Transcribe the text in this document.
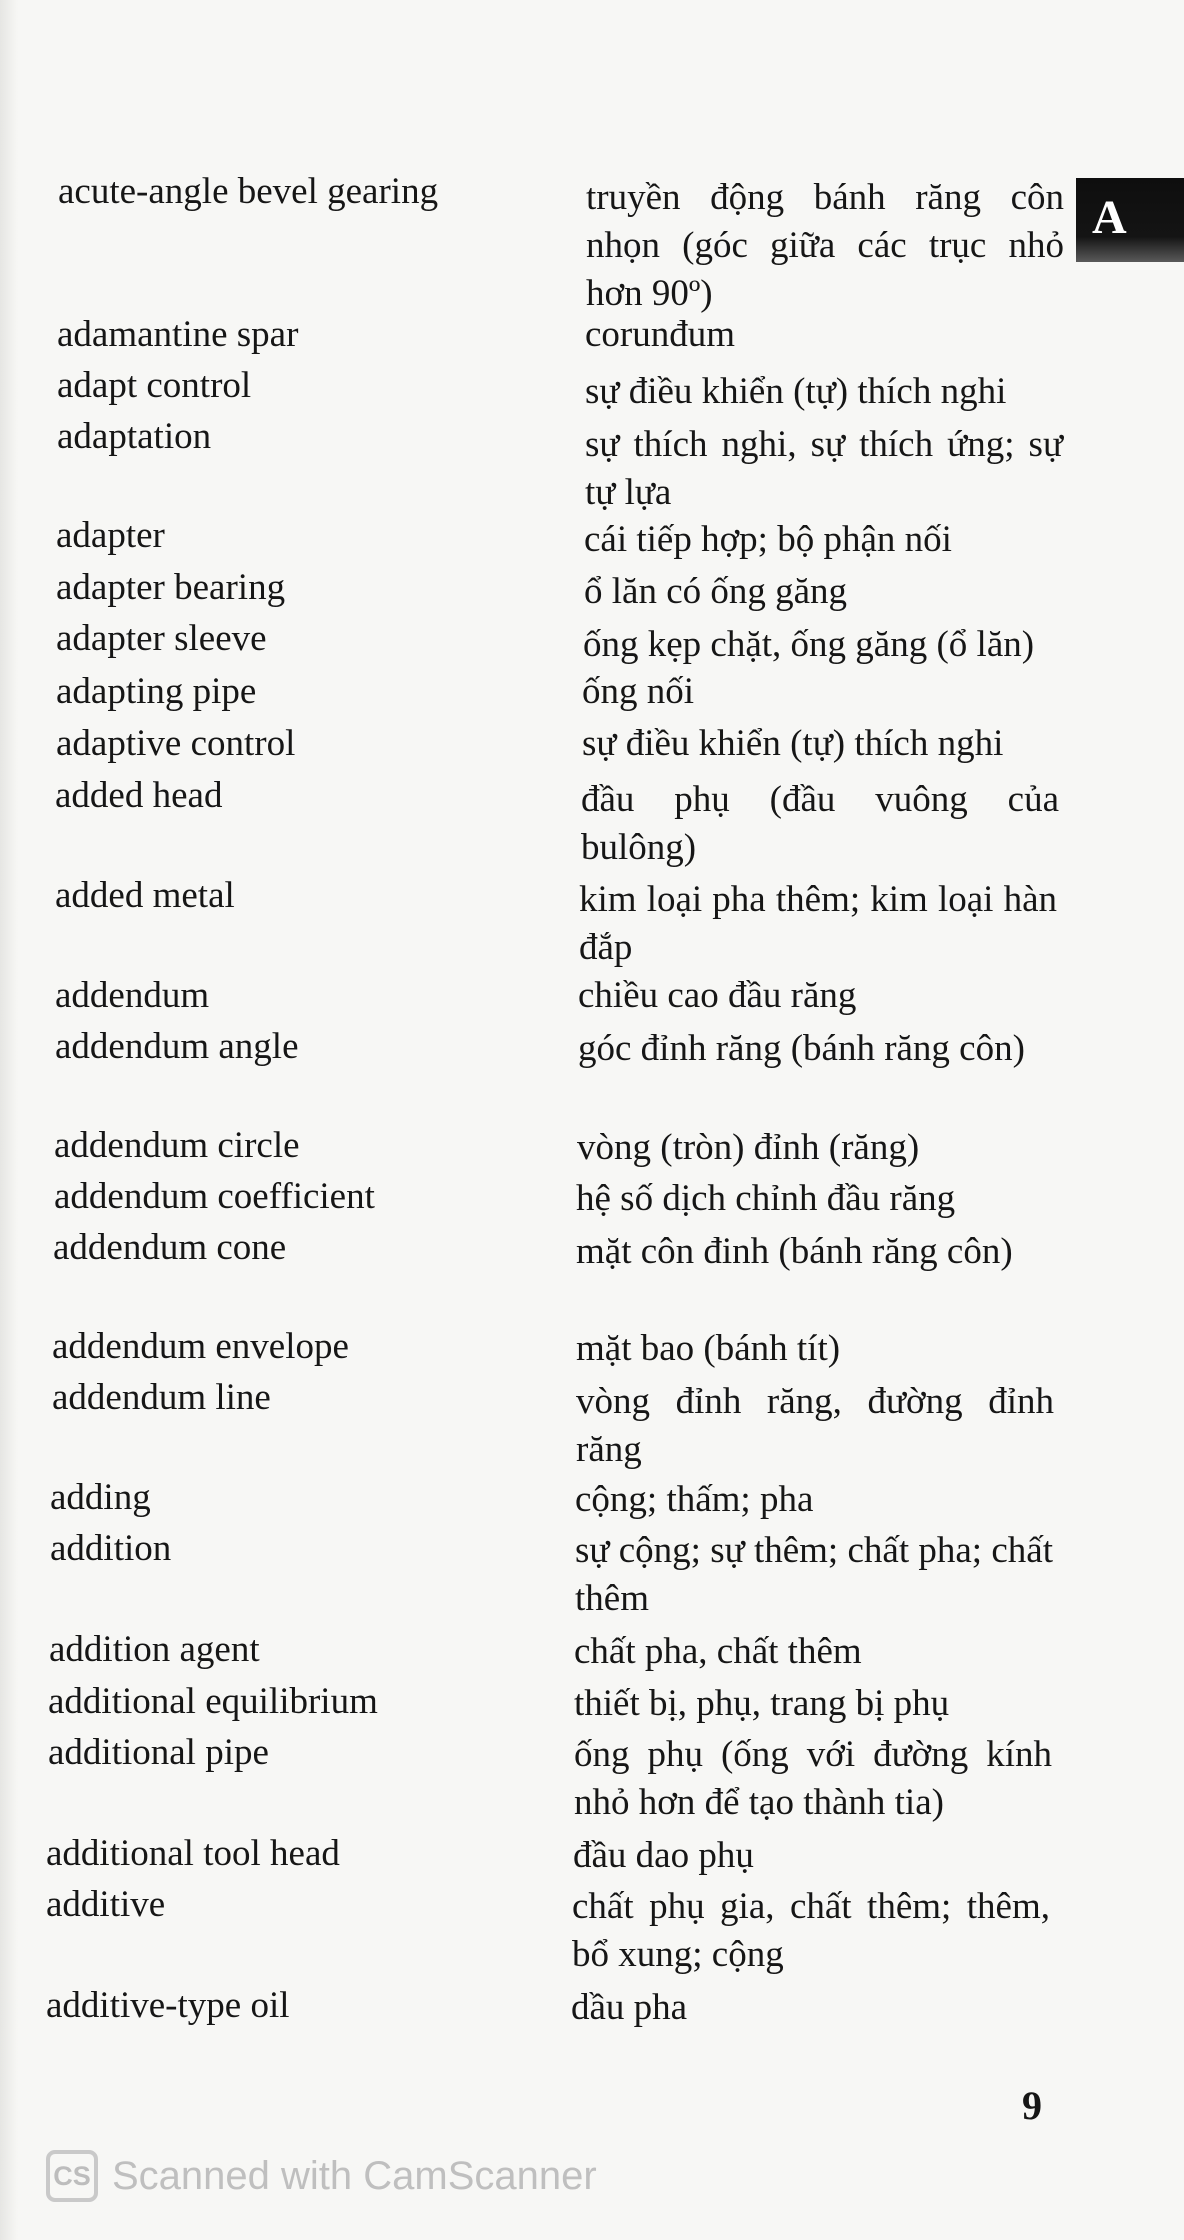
A
acute-angle bevel gearing	truyền động bánh răng côn nhọn (góc giữa các trục nhỏ hơn 90º)
adamantine spar	corunđum
adapt control	sự điều khiển (tự) thích nghi
adaptation	sự thích nghi, sự thích ứng; sự tự lựa
adapter	cái tiếp hợp; bộ phận nối
adapter bearing	ổ lăn có ống găng
adapter sleeve	ống kẹp chặt, ống găng (ổ lăn)
adapting pipe	ống nối
adaptive control	sự điều khiển (tự) thích nghi
added head	đầu phụ (đầu vuông của bulông)
added metal	kim loại pha thêm; kim loại hàn đắp
addendum	chiều cao đầu răng
addendum angle	góc đỉnh răng (bánh răng côn)
addendum circle	vòng (tròn) đỉnh (răng)
addendum coefficient	hệ số dịch chỉnh đầu răng
addendum cone	mặt côn đinh (bánh răng côn)
addendum envelope	mặt bao (bánh tít)
addendum line	vòng đỉnh răng, đường đỉnh răng
adding	cộng; thấm; pha
addition	sự cộng; sự thêm; chất pha; chất thêm
addition agent	chất pha, chất thêm
additional equilibrium	thiết bị, phụ, trang bị phụ
additional pipe	ống phụ (ống với đường kính nhỏ hơn để tạo thành tia)
additional tool head	đầu dao phụ
additive	chất phụ gia, chất thêm; thêm, bổ xung; cộng
additive-type oil	dầu pha
9
CS Scanned with CamScanner
